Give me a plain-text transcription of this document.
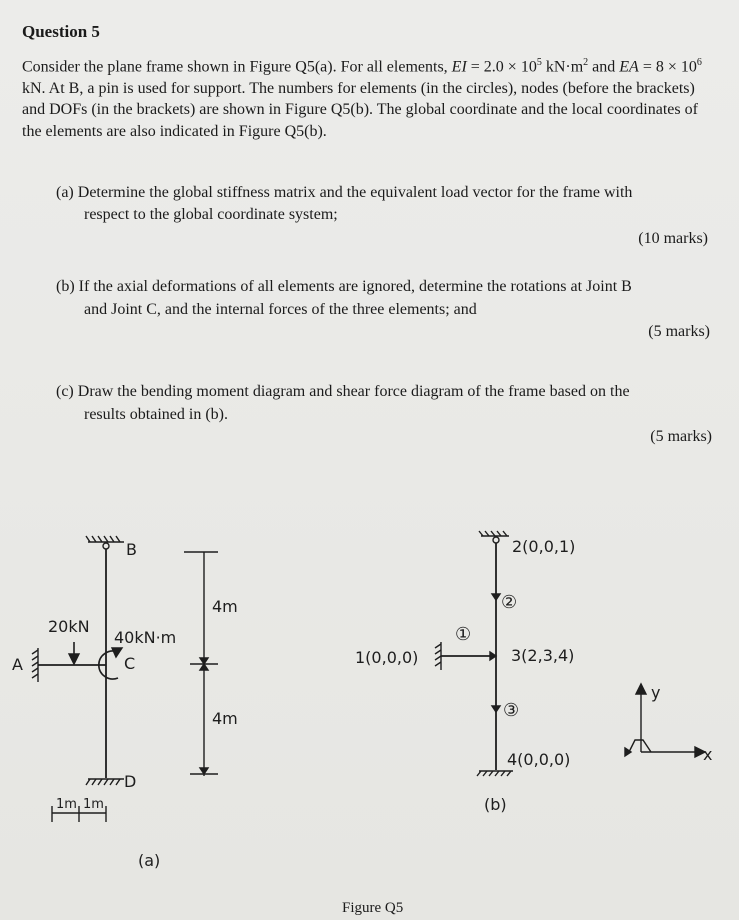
Question 5
Consider the plane frame shown in Figure Q5(a). For all elements, EI = $2.0 \times 10^5$ $kN\cdot m^2$ and EA = $8 \times 10^6$ kN. At B, a pin is used for support. The numbers for elements (in the circles), nodes (before the brackets) and DOFs (in the brackets) are shown in Figure Q5(b). The global coordinate and the local coordinates of the elements are also indicated in Figure Q5(b).
(a) Determine the global stiffness matrix and the equivalent load vector for the frame with
respect to the global coordinate system;
(10 marks)
(b) If the axial deformations of all elements are ignored, determine the rotations at Joint B
and Joint C, and the internal forces of the three elements; and
(5 marks)
(c) Draw the bending moment diagram and shear force diagram of the frame based on the
results obtained in (b).
(5 marks)
B
20kN
40kN·m
C
A
D
4m
4m
1m 1m
(a)
2(0,0,1)
②
①
1(0,0,0)	3(2,3,4)
③
4(0,0,0)
y
x
(b)
Figure Q5
